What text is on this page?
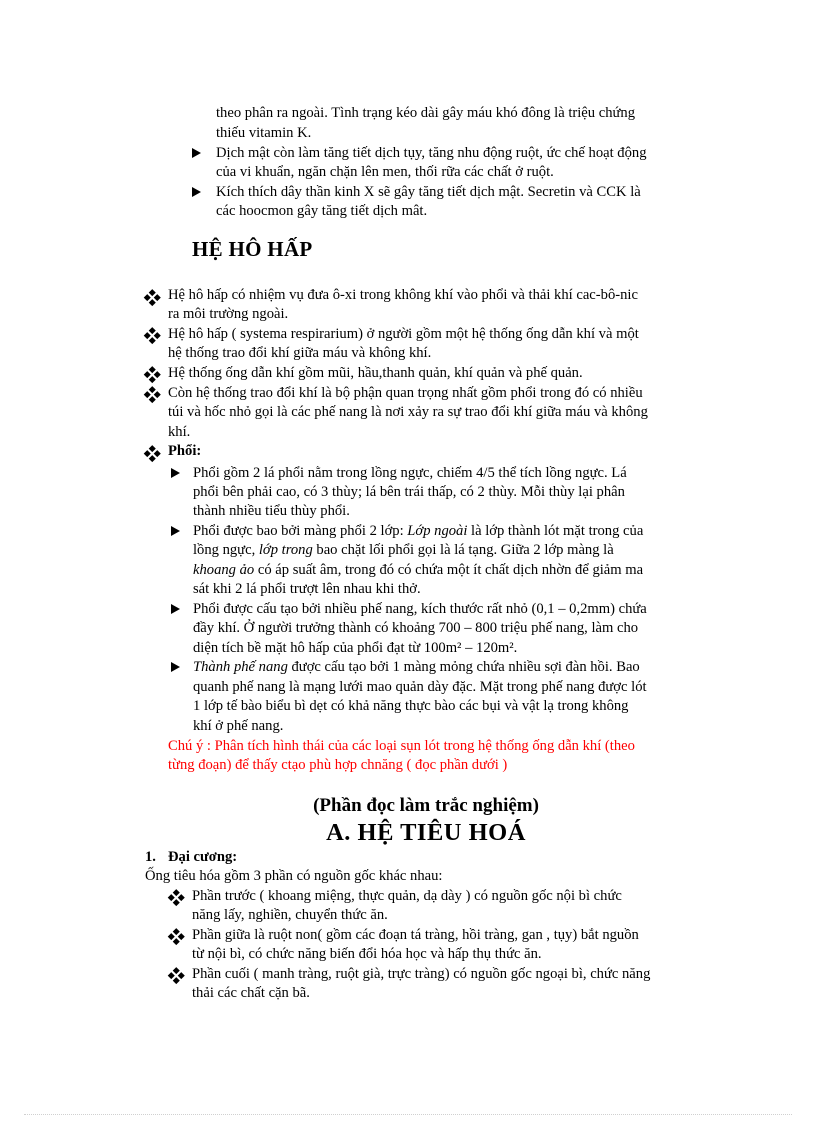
theo phân ra ngoài. Tình trạng kéo dài gây máu khó đông là triệu chứng
thiếu vitamin K.
Dịch mật còn làm tăng tiết dịch tụy, tăng nhu động ruột, ức chế hoạt động
của vi khuẩn, ngăn chặn lên men, thối rữa các chất ở ruột.
Kích thích dây thần kinh X sẽ gây tăng tiết dịch mật. Secretin và CCK là
các hoocmon gây tăng tiết dịch mât.
HỆ HÔ HẤP
Hệ hô hấp có nhiệm vụ đưa ô-xi trong không khí vào phổi và thải khí cac-bô-nic
ra môi trường ngoài.
Hệ hô hấp ( systema respirarium) ở người gồm một hệ thống ống dẫn khí và một
hệ thống trao đổi khí giữa máu và không khí.
Hệ thống ống dẫn khí gồm mũi, hầu,thanh quản, khí quản và phế quản.
Còn hệ thống trao đổi khí là bộ phận quan trọng nhất gồm phổi trong đó có nhiều
túi và hốc nhỏ gọi là các phế nang là nơi xảy ra sự trao đổi khí giữa máu và không
khí.
Phổi:
Phổi gồm 2 lá phổi nằm trong lồng ngực, chiếm 4/5 thể tích lồng ngực. Lá
phổi bên phải cao, có 3 thùy; lá bên trái thấp, có 2 thùy. Mỗi thùy lại phân
thành nhiều tiểu thùy phổi.
Phổi được bao bởi màng phổi 2 lớp: Lớp ngoài là lớp thành lót mặt trong của
lồng ngực, lớp trong bao chặt lối phổi gọi là lá tạng. Giữa 2 lớp màng là
khoang ảo có áp suất âm, trong đó có chứa một ít chất dịch nhờn để giảm ma
sát khi 2 lá phổi trượt lên nhau khi thở.
Phổi được cấu tạo bởi nhiều phế nang, kích thước rất nhỏ (0,1 – 0,2mm) chứa
đầy khí. Ở người trưởng thành có khoảng 700 – 800 triệu phế nang, làm cho
diện tích bề mặt hô hấp của phổi đạt từ 100m² – 120m².
Thành phế nang được cấu tạo bởi 1 màng mỏng chứa nhiều sợi đàn hồi. Bao
quanh phế nang là mạng lưới mao quản dày đặc. Mặt trong phế nang được lót
1 lớp tế bào biểu bì dẹt có khả năng thực bào các bụi và vật lạ trong không
khí ở phế nang.
Chú ý : Phân tích hình thái của các loại sụn lót trong hệ thống ống dẫn khí (theo
từng đoạn) để thấy ctạo phù hợp chnăng ( đọc phần dưới )
(Phần đọc làm trắc nghiệm)
A. HỆ TIÊU HOÁ
1. Đại cương:
Ống tiêu hóa gồm 3 phần có nguồn gốc khác nhau:
Phần trước ( khoang miệng, thực quản, dạ dày ) có nguồn gốc nội bì chức
năng lấy, nghiền, chuyển thức ăn.
Phần giữa là ruột non( gồm các đoạn tá tràng, hồi tràng, gan , tụy) bắt nguồn
từ nội bì, có chức năng biến đổi hóa học và hấp thụ thức ăn.
Phần cuối ( manh tràng, ruột già, trực tràng) có nguồn gốc ngoại bì, chức năng
thải các chất cặn bã.
